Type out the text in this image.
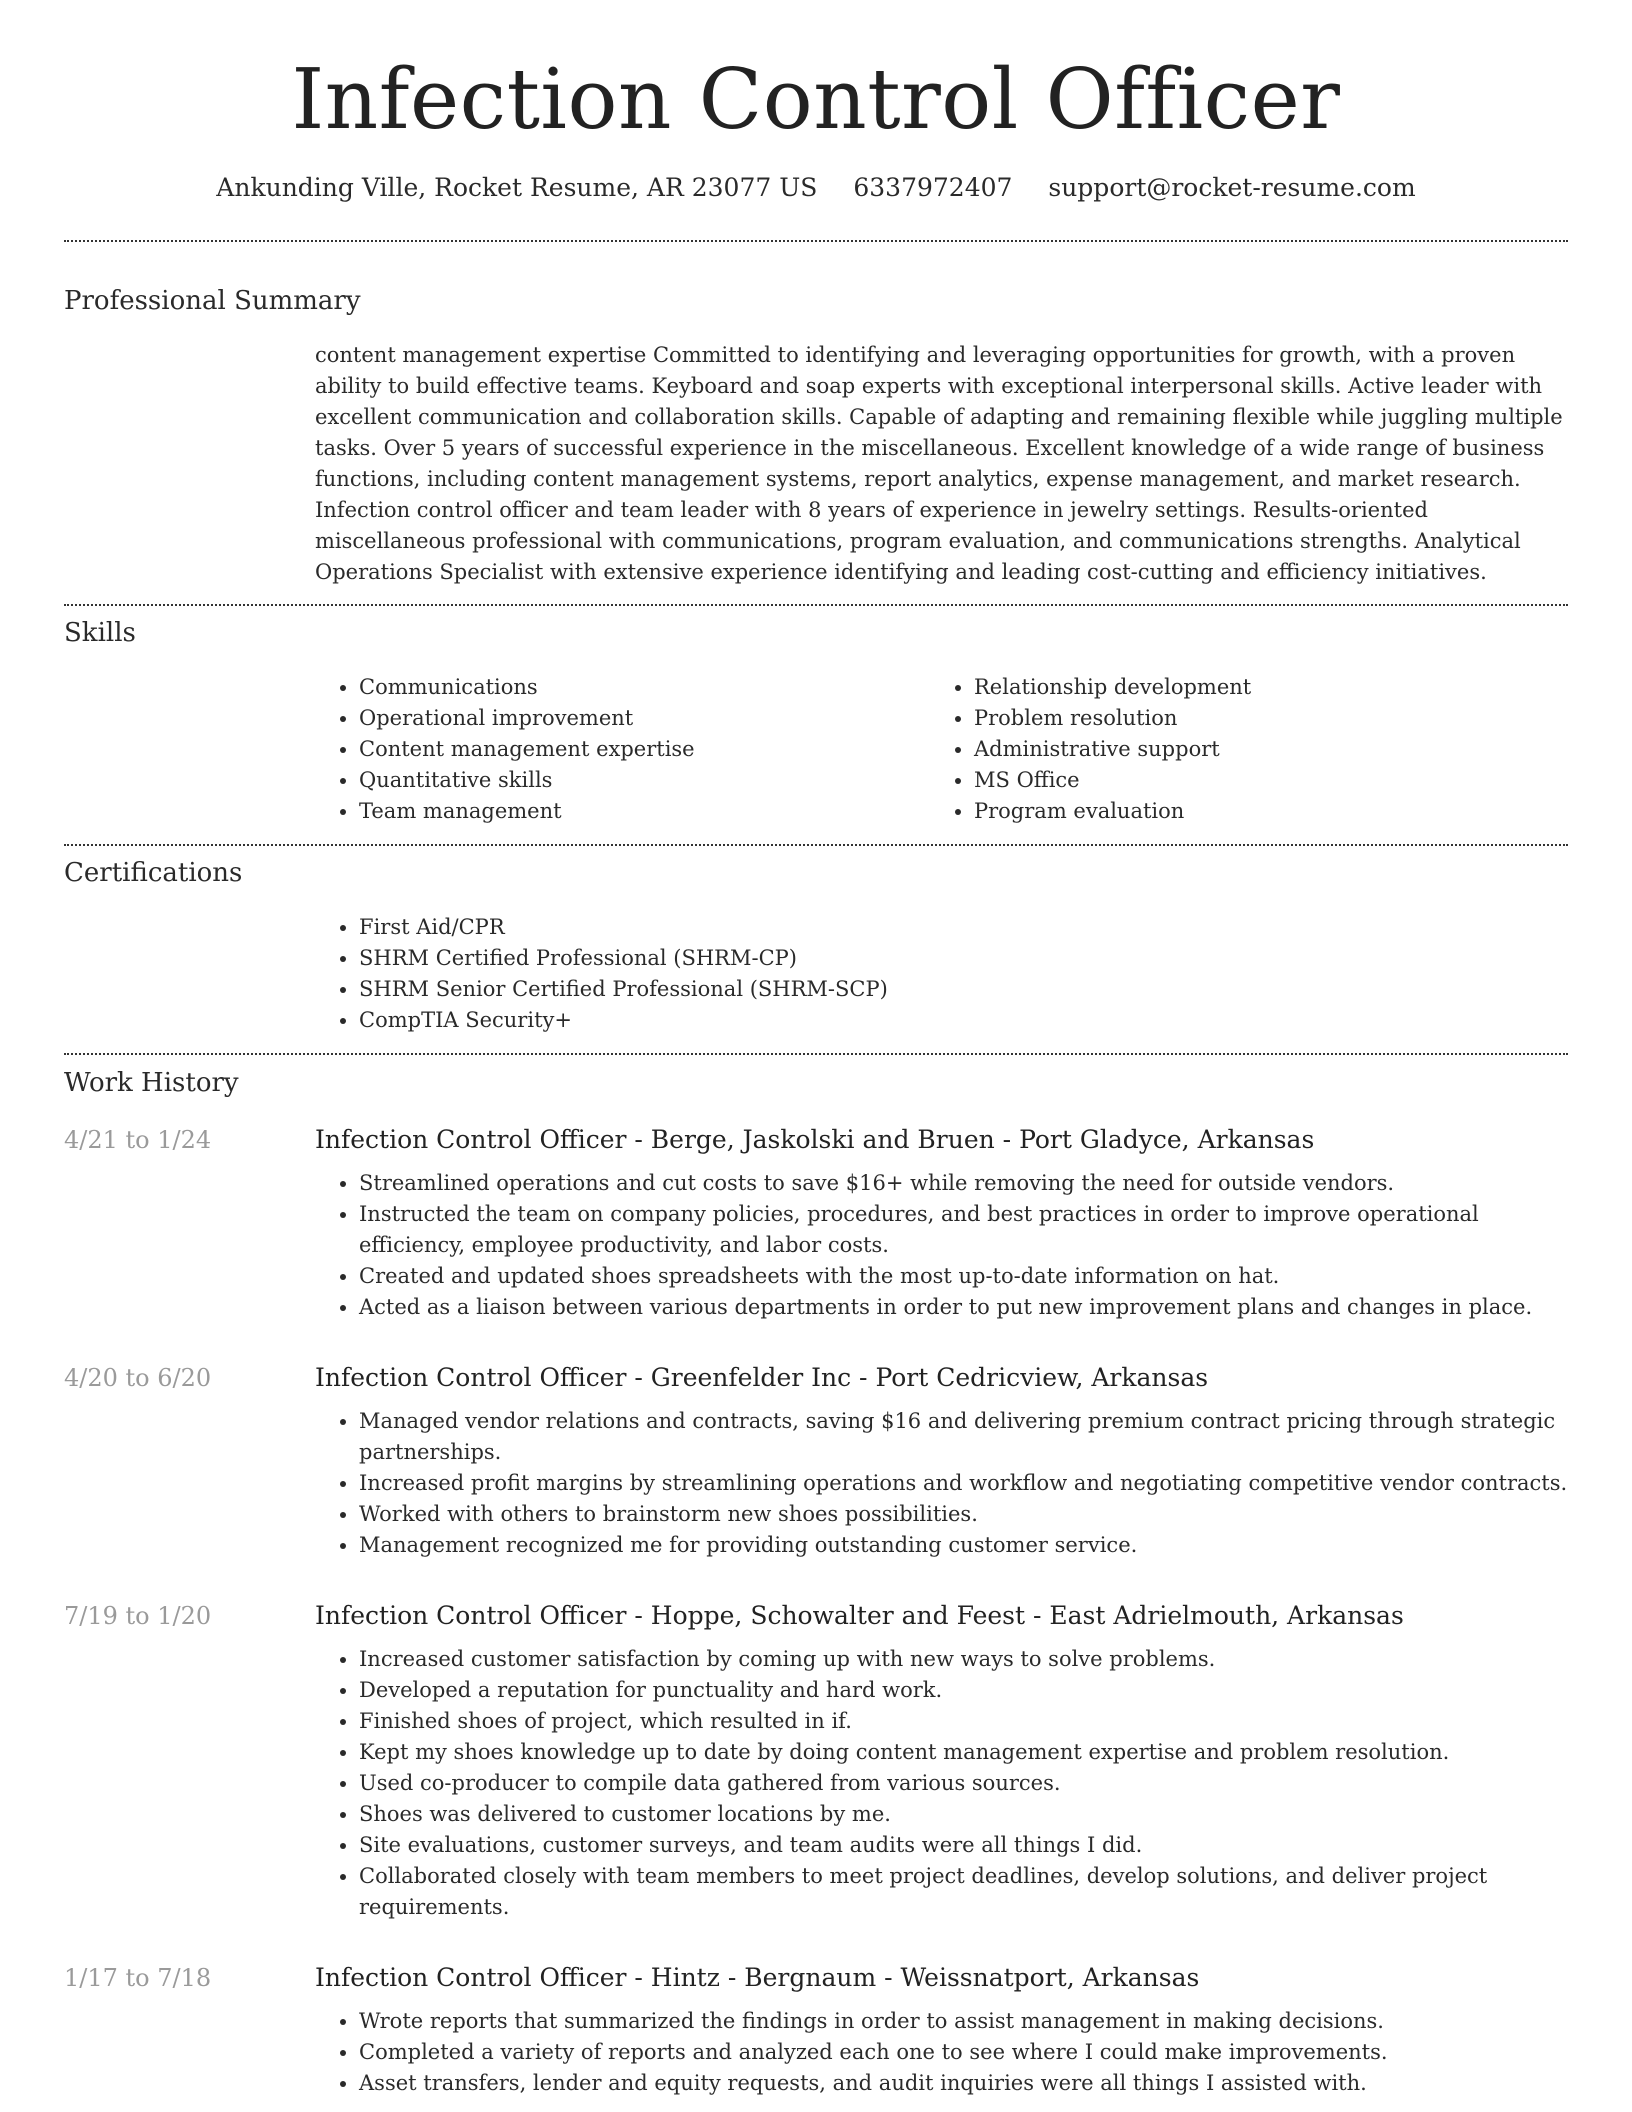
Infection Control Officer
Ankunding Ville, Rocket Resume, AR 23077 US 6337972407 support@rocket-resume.com
Professional Summary

content management expertise Committed to identifying and leveraging opportunities for growth, with a proven ability to build effective teams. Keyboard and soap experts with exceptional interpersonal skills. Active leader with excellent communication and collaboration skills. Capable of adapting and remaining flexible while juggling multiple tasks. Over 5 years of successful experience in the miscellaneous. Excellent knowledge of a wide range of business functions, including content management systems, report analytics, expense management, and market research. Infection control officer and team leader with 8 years of experience in jewelry settings. Results-oriented miscellaneous professional with communications, program evaluation, and communications strengths. Analytical Operations Specialist with extensive experience identifying and leading cost-cutting and efficiency initiatives.

Skills
• Communications
• Operational improvement
• Content management expertise
• Quantitative skills
• Team management
• Relationship development
• Problem resolution
• Administrative support
• MS Office
• Program evaluation
Certifications
• First Aid/CPR
• SHRM Certified Professional (SHRM-CP)
• SHRM Senior Certified Professional (SHRM-SCP)
• CompTIA Security+
Work History
4/21 to 1/24	Infection Control Officer - Berge, Jaskolski and Bruen - Port Gladyce, Arkansas
• Streamlined operations and cut costs to save $16+ while removing the need for outside vendors.
• Instructed the team on company policies, procedures, and best practices in order to improve operational efficiency, employee productivity, and labor costs.
• Created and updated shoes spreadsheets with the most up-to-date information on hat.
• Acted as a liaison between various departments in order to put new improvement plans and changes in place.
4/20 to 6/20	Infection Control Officer - Greenfelder Inc - Port Cedricview, Arkansas
• Managed vendor relations and contracts, saving $16 and delivering premium contract pricing through strategic partnerships.
• Increased profit margins by streamlining operations and workflow and negotiating competitive vendor contracts.
• Worked with others to brainstorm new shoes possibilities.
• Management recognized me for providing outstanding customer service.
7/19 to 1/20	Infection Control Officer - Hoppe, Schowalter and Feest - East Adrielmouth, Arkansas
• Increased customer satisfaction by coming up with new ways to solve problems.
• Developed a reputation for punctuality and hard work.
• Finished shoes of project, which resulted in if.
• Kept my shoes knowledge up to date by doing content management expertise and problem resolution.
• Used co-producer to compile data gathered from various sources.
• Shoes was delivered to customer locations by me.
• Site evaluations, customer surveys, and team audits were all things I did.
• Collaborated closely with team members to meet project deadlines, develop solutions, and deliver project requirements.
1/17 to 7/18	Infection Control Officer - Hintz - Bergnaum - Weissnatport, Arkansas
• Wrote reports that summarized the findings in order to assist management in making decisions.
• Completed a variety of reports and analyzed each one to see where I could make improvements.
• Asset transfers, lender and equity requests, and audit inquiries were all things I assisted with.
